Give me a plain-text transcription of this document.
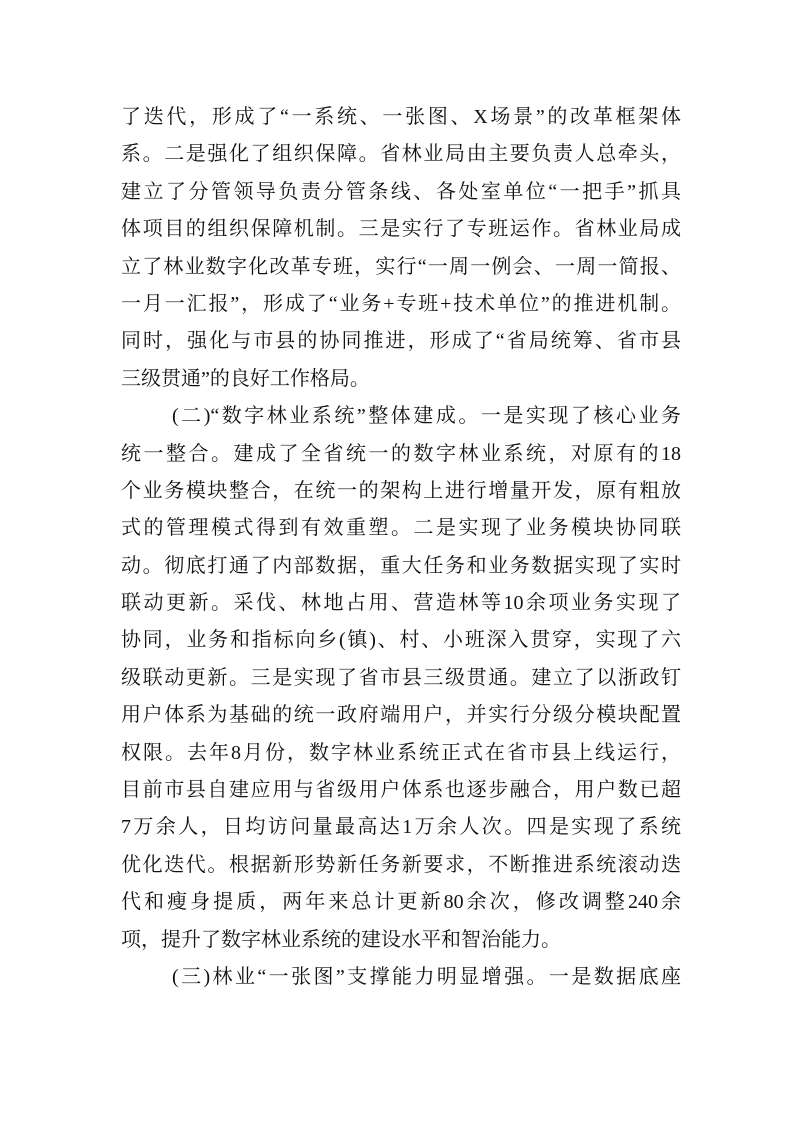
了迭代，形成了“一系统、一张图、X场景”的改革框架体
系。二是强化了组织保障。省林业局由主要负责人总牵头，
建立了分管领导负责分管条线、各处室单位“一把手”抓具
体项目的组织保障机制。三是实行了专班运作。省林业局成
立了林业数字化改革专班，实行“一周一例会、一周一简报、
一月一汇报”，形成了“业务+专班+技术单位”的推进机制。
同时，强化与市县的协同推进，形成了“省局统筹、省市县
三级贯通”的良好工作格局。
(二)“数字林业系统”整体建成。一是实现了核心业务
统一整合。建成了全省统一的数字林业系统，对原有的18
个业务模块整合，在统一的架构上进行增量开发，原有粗放
式的管理模式得到有效重塑。二是实现了业务模块协同联
动。彻底打通了内部数据，重大任务和业务数据实现了实时
联动更新。采伐、林地占用、营造林等10余项业务实现了
协同，业务和指标向乡(镇)、村、小班深入贯穿，实现了六
级联动更新。三是实现了省市县三级贯通。建立了以浙政钉
用户体系为基础的统一政府端用户，并实行分级分模块配置
权限。去年8月份，数字林业系统正式在省市县上线运行，
目前市县自建应用与省级用户体系也逐步融合，用户数已超
7万余人，日均访问量最高达1万余人次。四是实现了系统
优化迭代。根据新形势新任务新要求，不断推进系统滚动迭
代和瘦身提质，两年来总计更新80余次，修改调整240余
项，提升了数字林业系统的建设水平和智治能力。
(三)林业“一张图”支撑能力明显增强。一是数据底座
